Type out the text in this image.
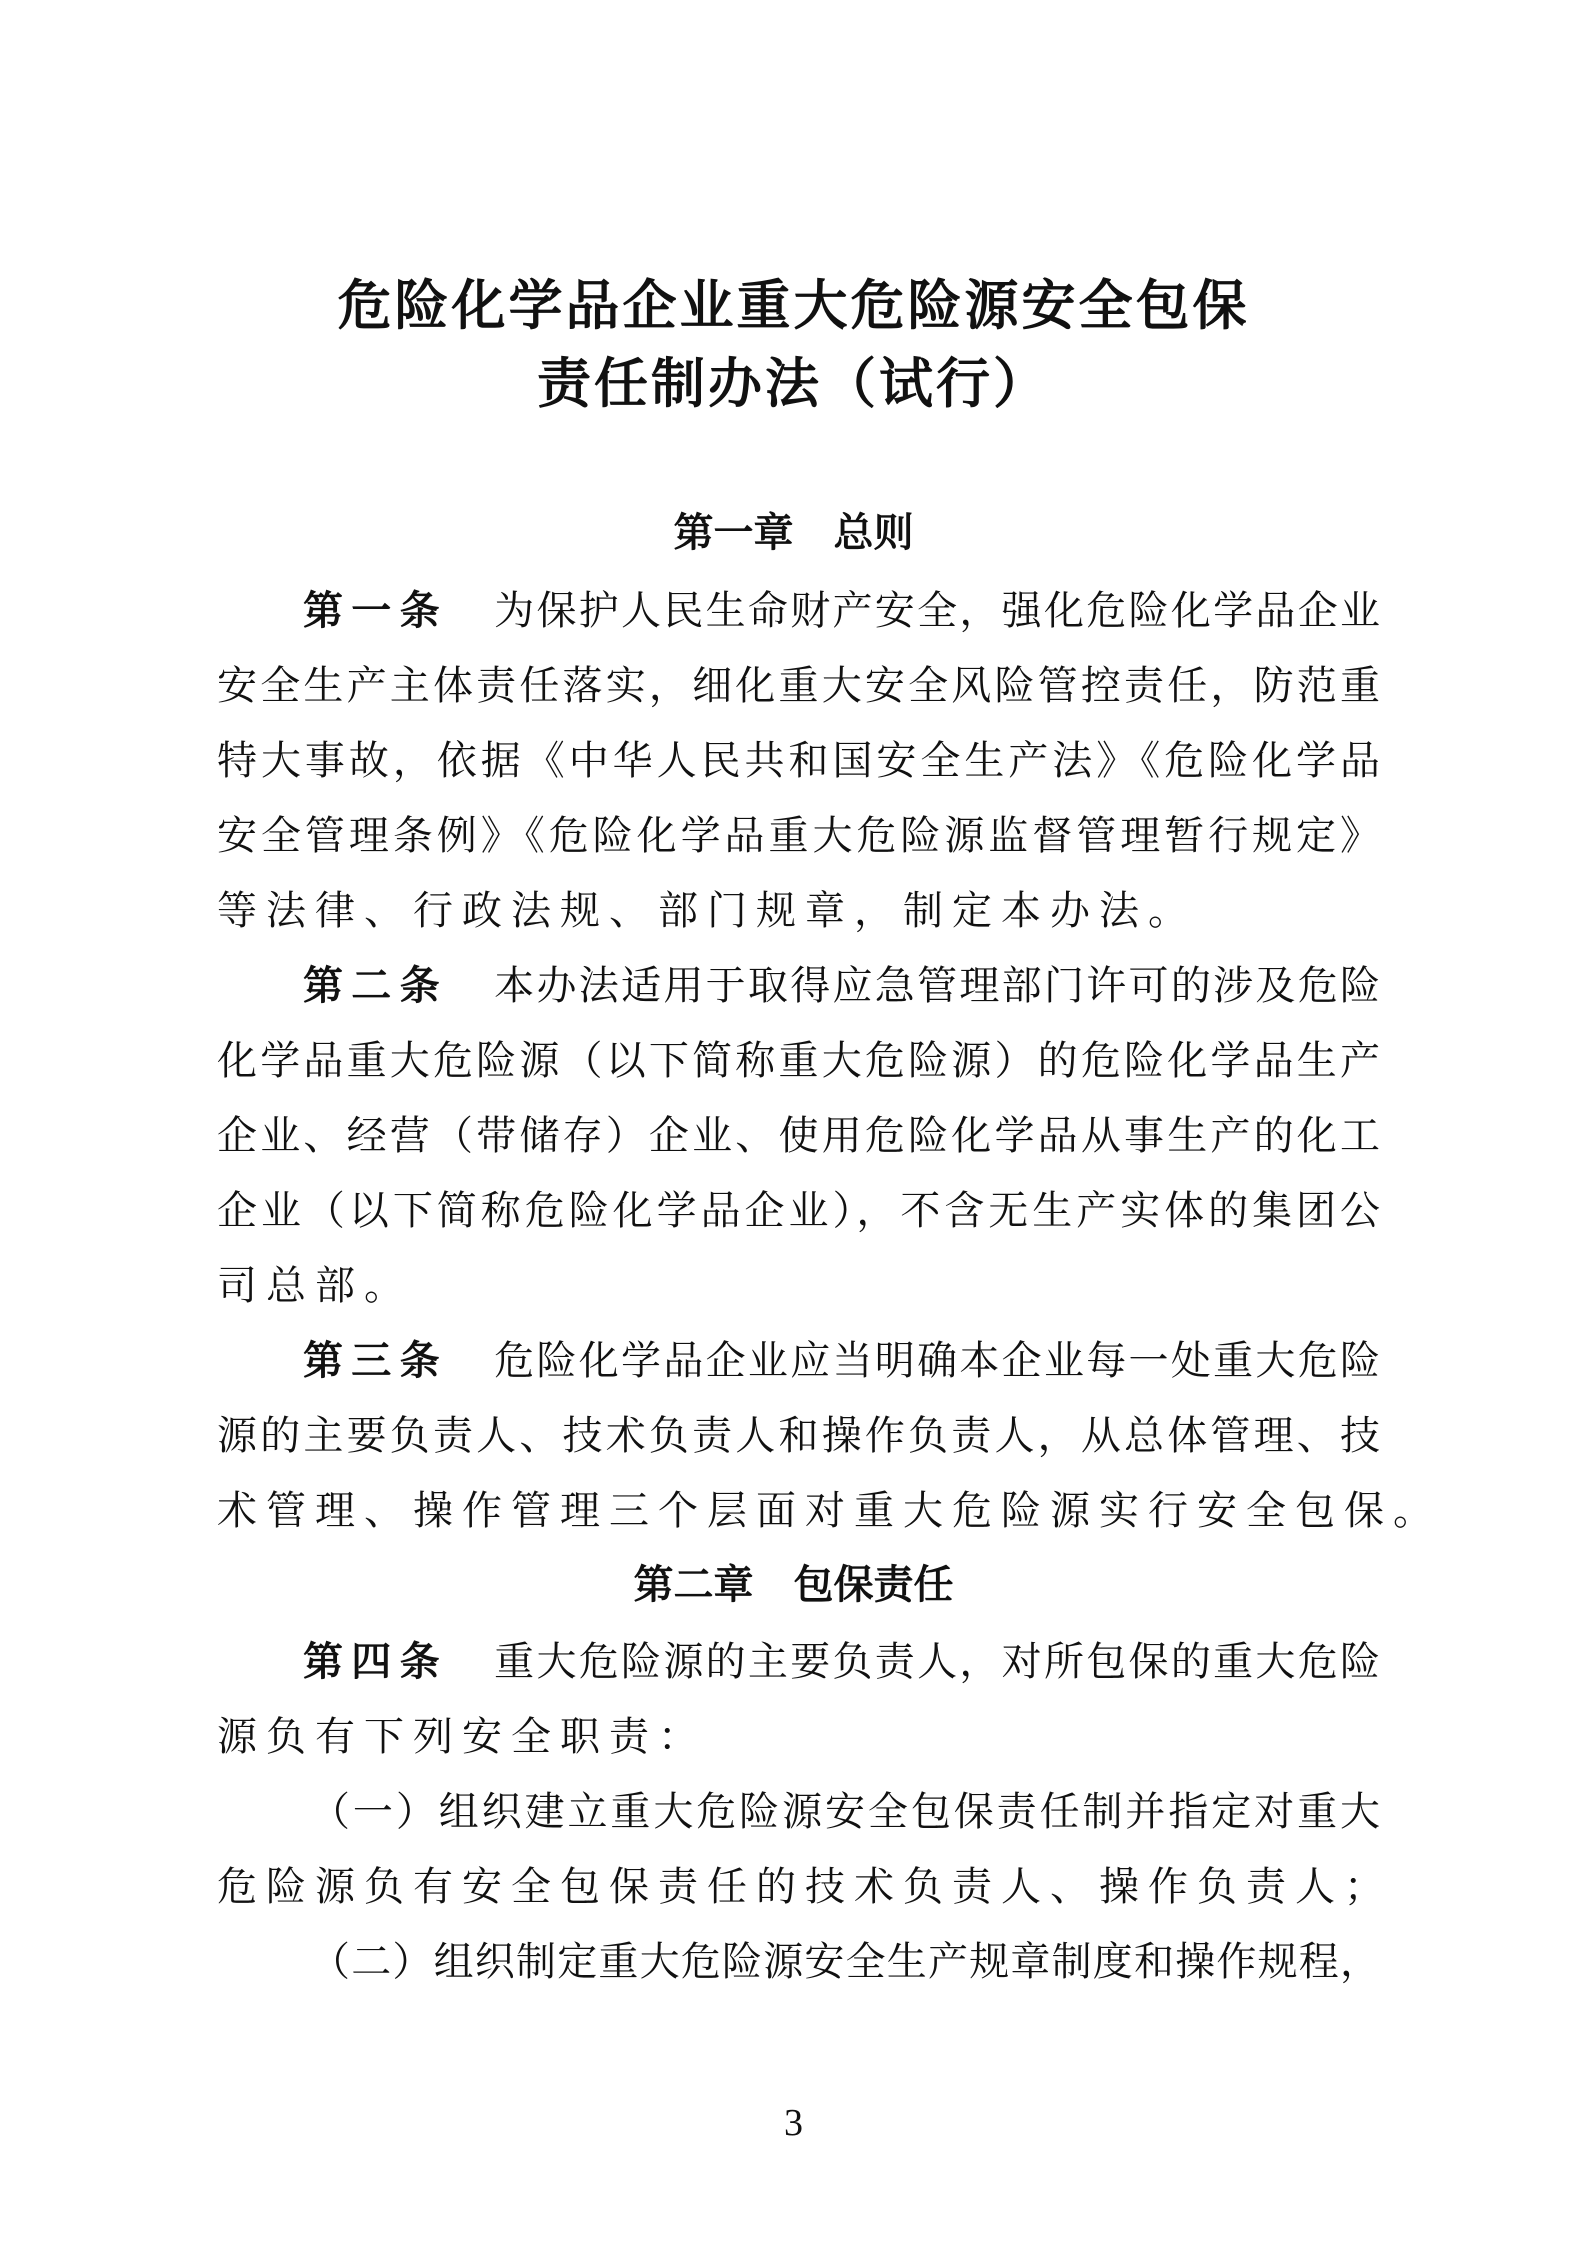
危险化学品企业重大危险源安全包保
责任制办法（试行）
第一章　总则
第一条 为保护人民生命财产安全，强化危险化学品企业
安全生产主体责任落实，细化重大安全风险管控责任，防范重
特大事故，依据《中华人民共和国安全生产法》《危险化学品
安全管理条例》《危险化学品重大危险源监督管理暂行规定》
等法律、行政法规、部门规章，制定本办法。
第二条 本办法适用于取得应急管理部门许可的涉及危险
化学品重大危险源（以下简称重大危险源）的危险化学品生产
企业、经营（带储存）企业、使用危险化学品从事生产的化工
企业（以下简称危险化学品企业），不含无生产实体的集团公
司总部。
第三条 危险化学品企业应当明确本企业每一处重大危险
源的主要负责人、技术负责人和操作负责人，从总体管理、技
术管理、操作管理三个层面对重大危险源实行安全包保。
第二章　包保责任
第四条 重大危险源的主要负责人，对所包保的重大危险
源负有下列安全职责：
（一）组织建立重大危险源安全包保责任制并指定对重大
危险源负有安全包保责任的技术负责人、操作负责人；
（二）组织制定重大危险源安全生产规章制度和操作规程，
3
